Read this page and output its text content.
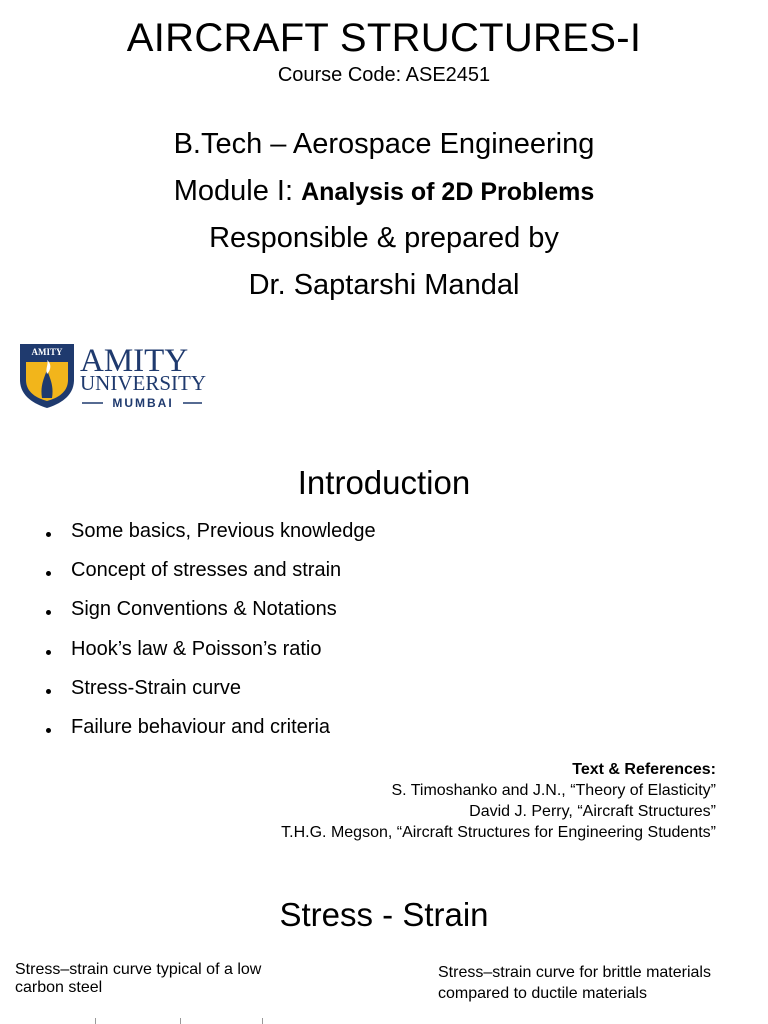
AIRCRAFT STRUCTURES-I
Course Code: ASE2451
B.Tech – Aerospace Engineering
Module I: Analysis of 2D Problems
Responsible & prepared by
Dr. Saptarshi Mandal
AMITY AMITY
UNIVERSITY
MUMBAI
Introduction
Some basics, Previous knowledge
Concept of stresses and strain
Sign Conventions & Notations
Hook’s law & Poisson’s ratio
Stress-Strain curve
Failure behaviour and criteria
Text & References:
S. Timoshanko and J.N., “Theory of Elasticity”
David J. Perry, “Aircraft Structures”
T.H.G. Megson, “Aircraft Structures for Engineering Students”
Stress - Strain
Stress–strain curve typical of a low carbon steel
Stress–strain curve for brittle materials compared to ductile materials
